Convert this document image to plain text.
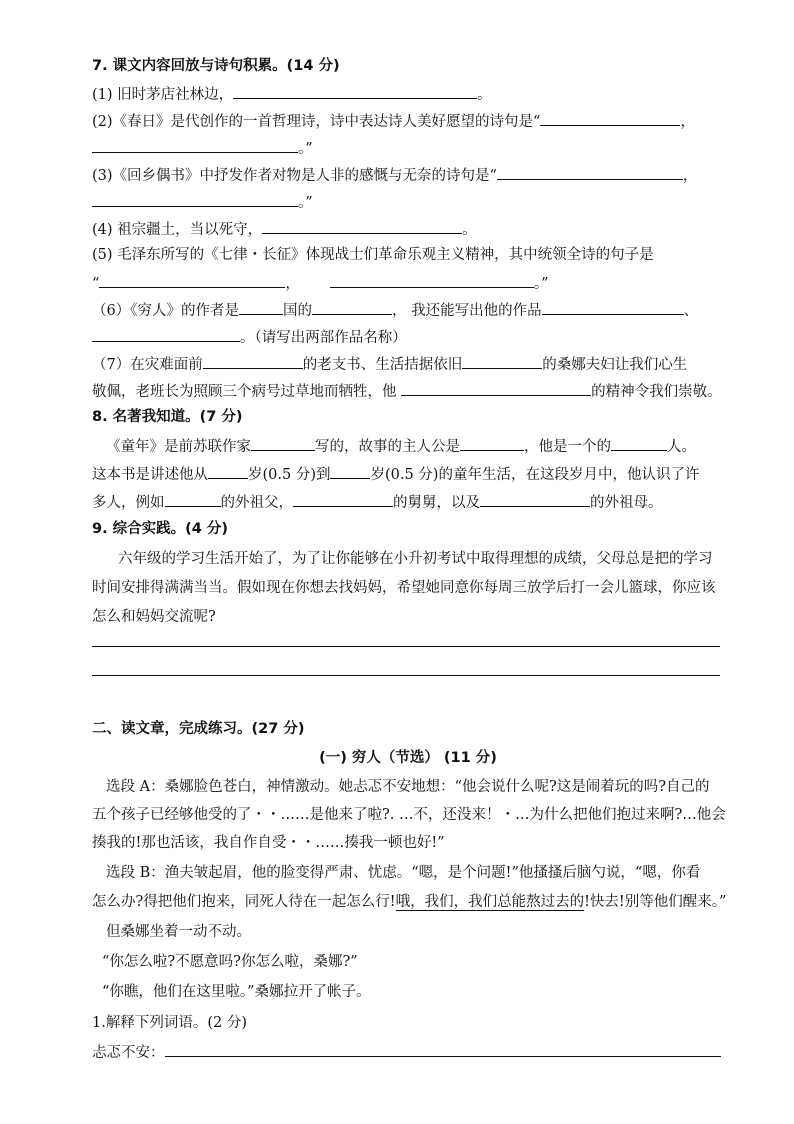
7. 课文内容回放与诗句积累。(14 分)
(1) 旧时茅店社林边，	。
(2)《春日》是代创作的一首哲理诗，诗中表达诗人美好愿望的诗句是“	，
。”
(3)《回乡偶书》中抒发作者对物是人非的感慨与无奈的诗句是“	，
。”
(4) 祖宗疆土，当以死守，	。
(5) 毛泽东所写的《七律・长征》体现战士们革命乐观主义精神，其中统领全诗的句子是
“	，	。”
（6）《穷人》的作者是	国的	， 我还能写出他的作品	、
。（请写出两部作品名称）
（7）在灾难面前	的老支书、生活拮据依旧	的桑娜夫妇让我们心生
敬佩，老班长为照顾三个病号过草地而牺牲，他	的精神令我们崇敬。
8. 名著我知道。(7 分)
《童年》是前苏联作家	写的，故事的主人公是	，他是一个的	人。
这本书是讲述他从	岁(0.5 分)到	岁(0.5 分)的童年生活，在这段岁月中，他认识了许
多人，例如	的外祖父，	的舅舅，以及	的外祖母。
9. 综合实践。(4 分)
六年级的学习生活开始了，为了让你能够在小升初考试中取得理想的成绩，父母总是把的学习
时间安排得满满当当。假如现在你想去找妈妈，希望她同意你每周三放学后打一会儿篮球，你应该
怎么和妈妈交流呢?
二、读文章，完成练习。(27 分)
(一) 穷人（节选） (11 分)
选段 A：桑娜脸色苍白，神情激动。她忐忑不安地想：“他会说什么呢?这是闹着玩的吗?自己的
五个孩子已经够他受的了・・……是他来了啦?. …不，还没来！・…为什么把他们抱过来啊?…他会
揍我的!那也活该，我自作自受・・……揍我一顿也好!”
选段 B：渔夫皱起眉，他的脸变得严肃、忧虑。“嗯，是个问题!”他搔搔后脑勺说，“嗯，你看
怎么办?得把他们抱来，同死人待在一起怎么行!哦，我们，我们总能熬过去的!快去!别等他们醒来。”
但桑娜坐着一动不动。
“你怎么啦?不愿意吗?你怎么啦，桑娜?”
“你瞧，他们在这里啦。”桑娜拉开了帐子。
1.解释下列词语。(2 分)
忐忑不安：
